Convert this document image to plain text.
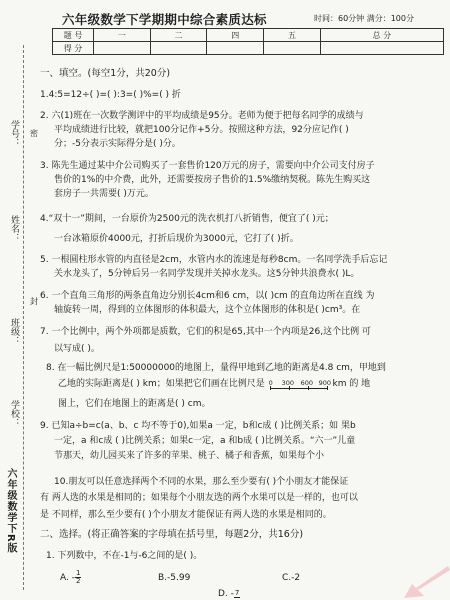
学号： 密
姓名：
封
班级：
学校：
六年级数学下R版
六年级数学下学期期中综合素质达标	时间：60分钟 满分：100分
题 号	一	二	四	五	总 分
得 分					
一、填空。(每空1分，共20分)
1.4:5=12÷( )=( ):3=( )%=( ) 折
2. 六(1)班在一次数学测评中的平均成绩是95分。老师为便于把每名同学的成绩与
平均成绩进行比较，就把100分记作+5分。按照这种方法，92分应记作( )
分；-5分表示实际得分是( )分。
3. 陈先生通过某中介公司购买了一套售价120万元的房子，需要向中介公司支付房子
售价的1%的中介费，此外，还需要按房子售价的1.5%缴纳契税。陈先生购买这
套房子一共需要( )万元。
4.“双十一”期间，一台原价为2500元的洗衣机打八折销售，便宜了( )元；
一台冰箱原价4000元，打折后现价为3000元，它打了( )折。
5. 一根圆柱形水管的内直径是2cm，水管内水的流速是每秒8cm。一名同学洗手后忘记
关水龙头了，5分钟后另一名同学发现并关掉水龙头。这5分钟共浪费水( )L。
6. 一个直角三角形的两条直角边分别长4cm和6 cm，以( )cm 的直角边所在直线 为
轴旋转一周，得到的立体图形的体积最大，这个立体图形的体积是( )cm³。在
7. 一个比例中，两个外项都是质数，它们的积是65,其中一个内项是26,这个比例 可
以写成( )。
8. 在一幅比例尺是1:50000000的地图上，量得甲地到乙地的距离是4.8 cm，甲地到
乙地的实际距离是( ) km；如果把它们画在比例尺是 0 300 600 900 km 的 地
图上，它们在地图上的距离是( ) cm。
9. 已知a÷b=c(a、b、c 均不等于0),如果a 一定，b和c成 ( )比例关系；如 果b
一定，a 和c成 ( )比例关系；如果c一定，a 和b成 ( )比例关系。“六一”儿童
节那天，幼儿园买来了许多的苹果、桃子、橘子和香蕉，如果每个小
10.朋友可以任意选择两个不同的水果，那么至少要有( )个小朋友才能保证
有 两人选的水果是相同的；如果每个小朋友选的两个水果可以是一样的，也可以
是 不同样，那么至少要有( )个小朋友才能保证有两人选的水果是相同的。
二、选择。(将正确答案的字母填在括号里，每题2分，共16分)
1. 下列数中，不在-1与-6之间的是( )。
A. - $\frac{1}{2}$	B.-5.99	C.-2
D. - 7
